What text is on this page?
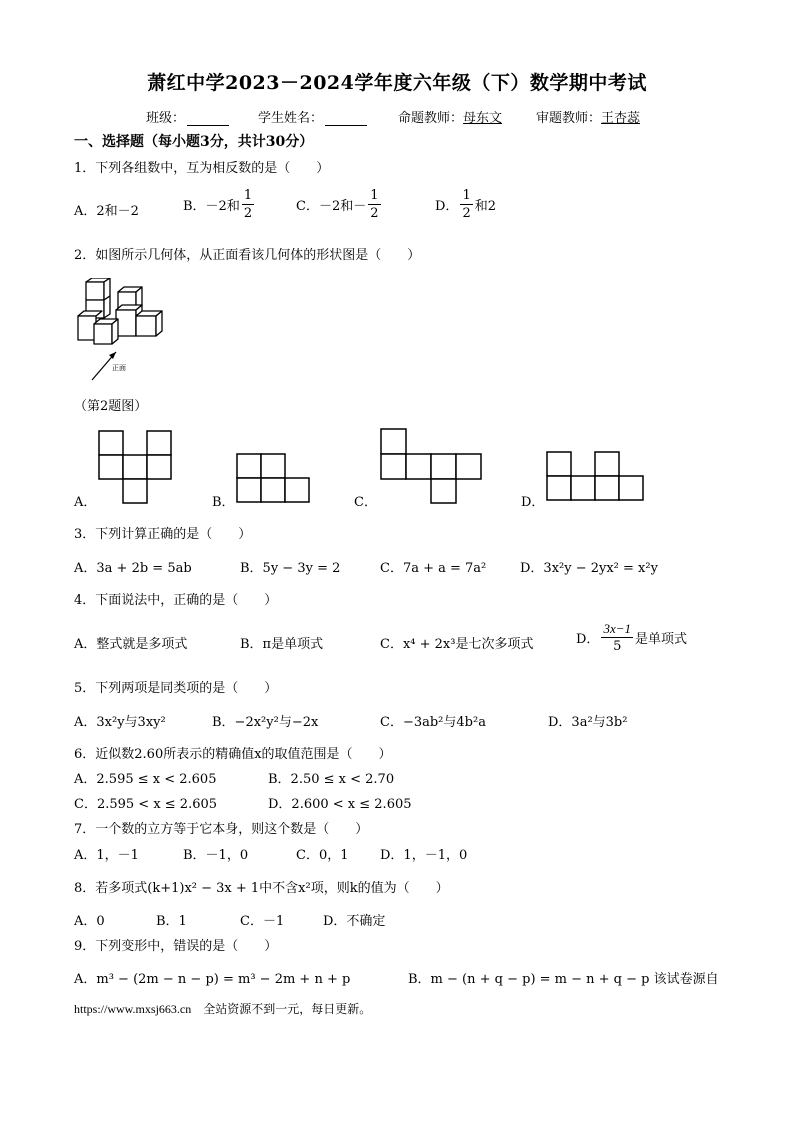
萧红中学2023－2024学年度六年级（下）数学期中考试
班级：	学生姓名：	命题教师：母东文	审题教师：王杏蕊
一、选择题（每小题3分，共计30分）
1．下列各组数中，互为相反数的是（　　）
A．2和－2	B．－2和 $\frac{1}{2}$	C．－2和－ $\frac{1}{2}$	D． $\frac{1}{2}$ 和2
2．如图所示几何体，从正面看该几何体的形状图是（　　）
正面
（第2题图）
A．	B．	C．	D．
3．下列计算正确的是（　　）
A．3a + 2b = 5ab	B．5y − 3y = 2	C．7a + a = 7a²	D．3x²y − 2yx² = x²y
4．下面说法中，正确的是（　　）
A．整式就是多项式	B．π是单项式	C．x⁴ + 2x³是七次多项式	D． $\frac{3x-1}{5}$ 是单项式
5．下列两项是同类项的是（　　）
A．3x²y与3xy²	B．−2x²y²与−2x	C．−3ab²与4b²a	D．3a²与3b²
6．近似数2.60所表示的精确值x的取值范围是（　　）
A．2.595 ≤ x < 2.605	B．2.50 ≤ x < 2.70
C．2.595 < x ≤ 2.605	D．2.600 < x ≤ 2.605
7．一个数的立方等于它本身，则这个数是（　　）
A．1，－1	B．－1，0	C．0，1 D．1，－1，0
8．若多项式(k+1)x² − 3x + 1中不含x²项，则k的值为（　　）
A．0	B．1	C．－1	D．不确定
9．下列变形中，错误的是（　　）
A．m³ − (2m − n − p) = m³ − 2m + n + p	B．m − (n + q − p) = m − n + q − p 该试卷源自
https://www.mxsj663.cn　全站资源不到一元，每日更新。
